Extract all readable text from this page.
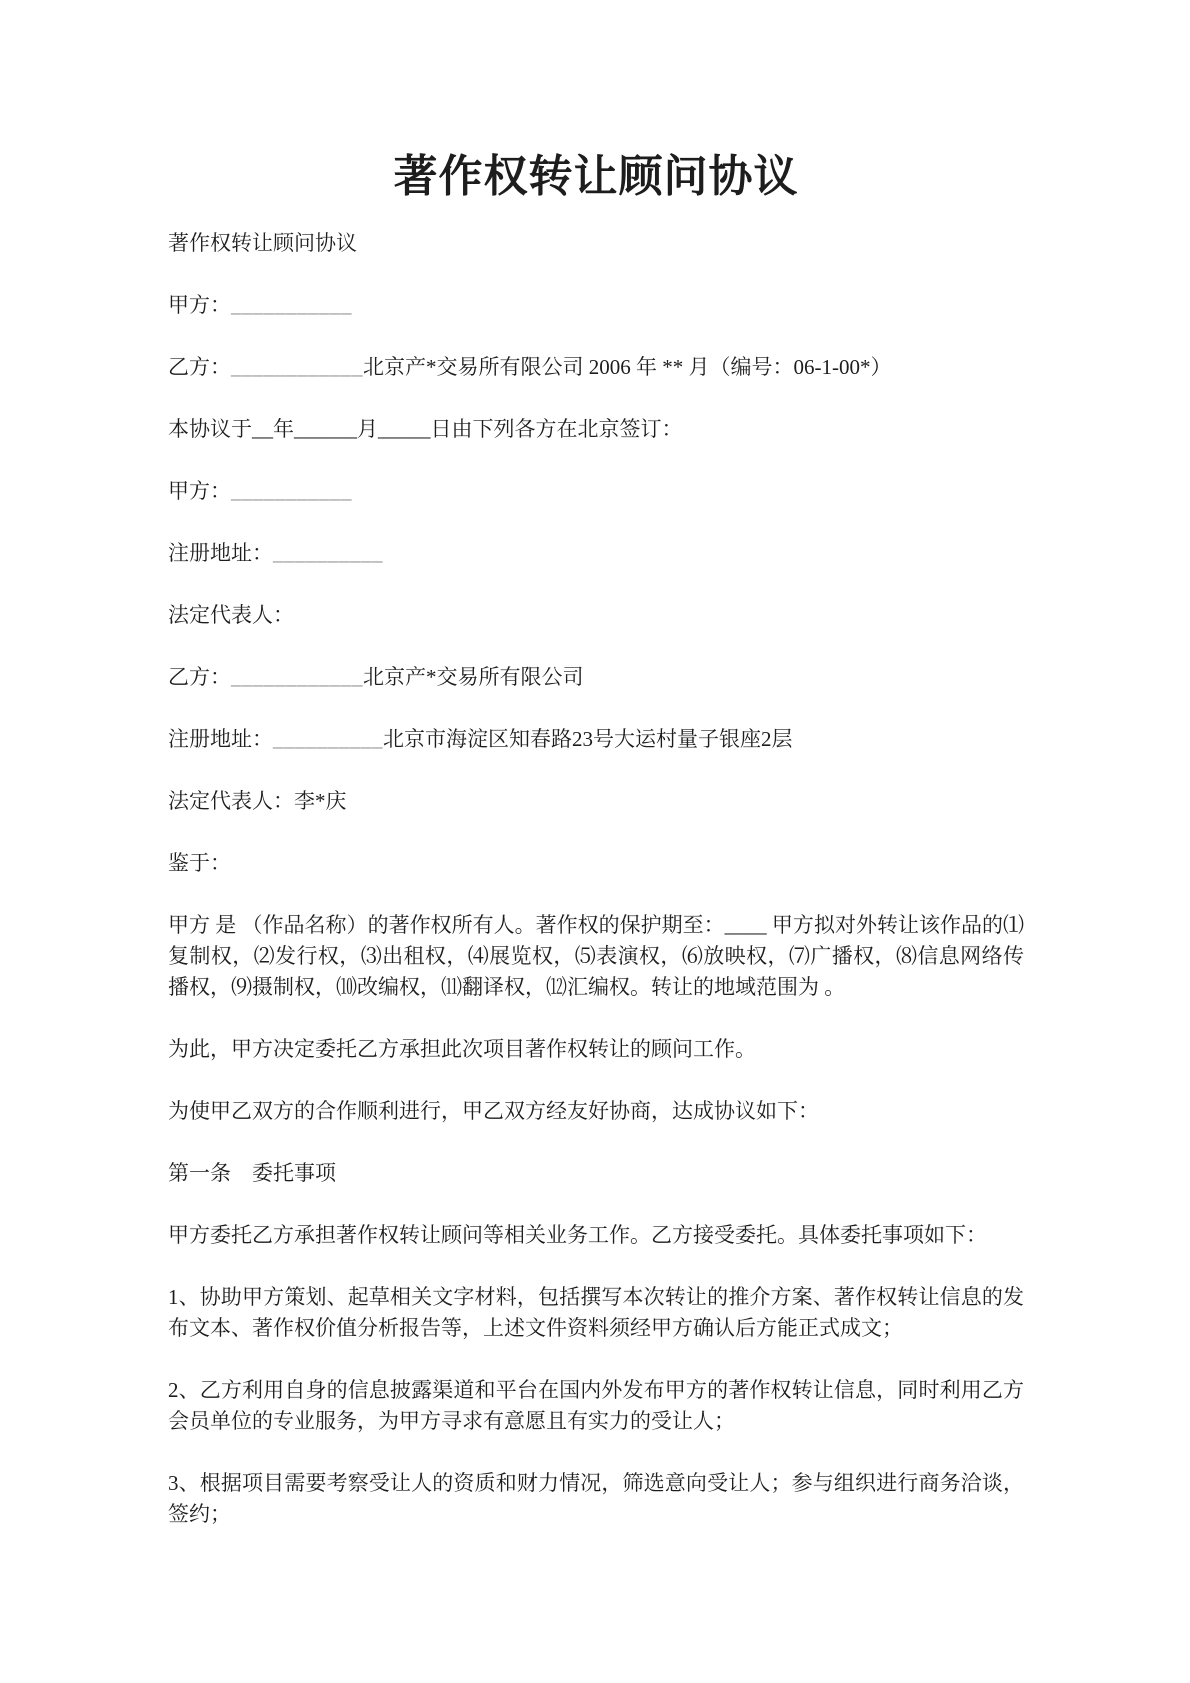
著作权转让顾问协议

著作权转让顾问协议

甲方：___________

乙方：____________北京产*交易所有限公司 2006 年 ** 月（编号：06-1-00*）

本协议于__年______月_____日由下列各方在北京签订：

甲方：___________

注册地址：__________

法定代表人：

乙方：____________北京产*交易所有限公司

注册地址：__________北京市海淀区知春路23号大运村量子银座2层

法定代表人：李*庆

鉴于：

甲方 是 （作品名称）的著作权所有人。著作权的保护期至：____ 甲方拟对外转让该作品的⑴复制权，⑵发行权，⑶出租权，⑷展览权，⑸表演权，⑹放映权，⑺广播权，⑻信息网络传播权，⑼摄制权，⑽改编权，⑾翻译权，⑿汇编权。转让的地域范围为 。

为此，甲方决定委托乙方承担此次项目著作权转让的顾问工作。

为使甲乙双方的合作顺利进行，甲乙双方经友好协商，达成协议如下：

第一条　委托事项

甲方委托乙方承担著作权转让顾问等相关业务工作。乙方接受委托。具体委托事项如下：

1、协助甲方策划、起草相关文字材料，包括撰写本次转让的推介方案、著作权转让信息的发布文本、著作权价值分析报告等，上述文件资料须经甲方确认后方能正式成文；

2、乙方利用自身的信息披露渠道和平台在国内外发布甲方的著作权转让信息，同时利用乙方会员单位的专业服务，为甲方寻求有意愿且有实力的受让人；

3、根据项目需要考察受让人的资质和财力情况，筛选意向受让人；参与组织进行商务洽谈，签约；
